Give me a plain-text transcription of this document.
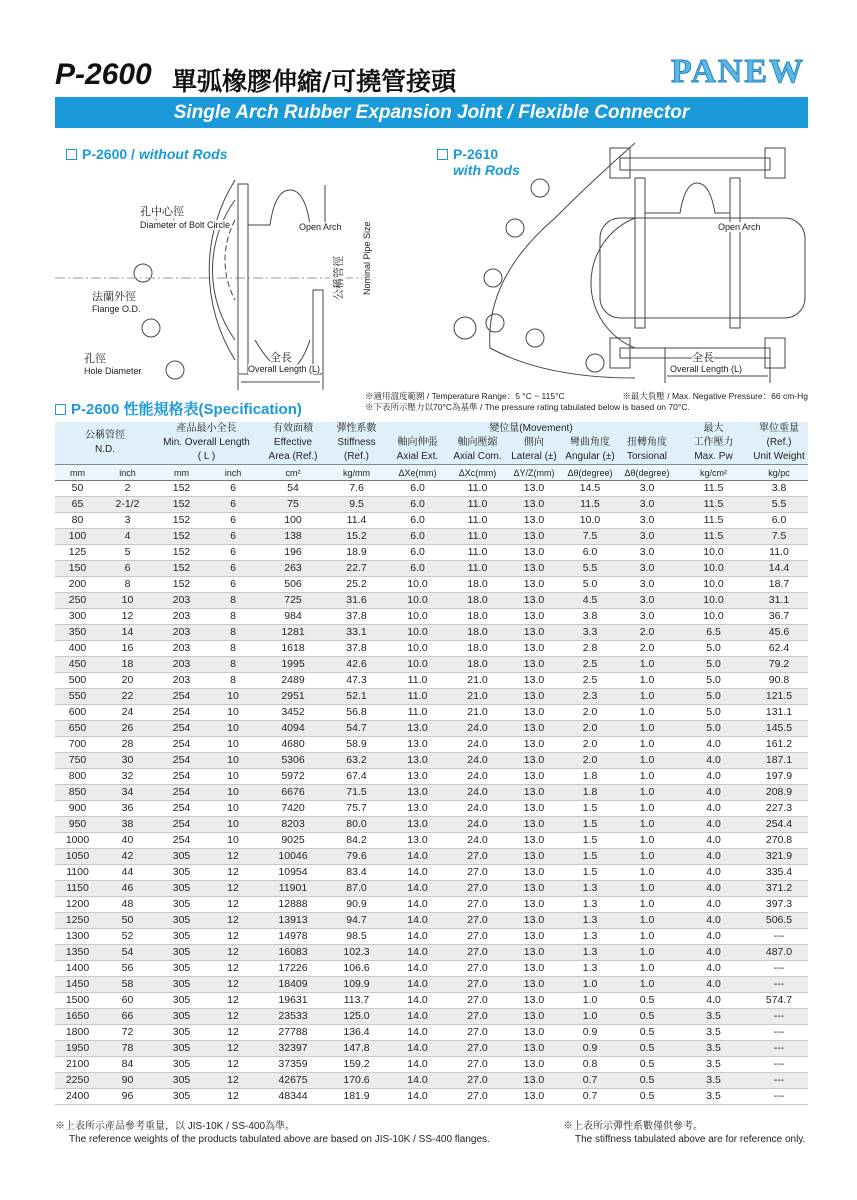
P-2600 單弧橡膠伸縮/可撓管接頭	PANEW
Single Arch Rubber Expansion Joint / Flexible Connector
P-2600 / without Rods
Open Arch
公稱管徑 Nominal Pipe Size
孔中心徑
Diameter of Bolt Circle
法蘭外徑
Flange O.D.
孔徑
Hole Diameter
全長
Overall Length (L)
P-2610
with Rods
Open Arch
全長
Overall Length (L)
P-2600 性能規格表(Specification)
※適用溫度範圍 / Temperature Range：5 °C ~ 115°C	※最大負壓 / Max. Negative Pressure：66 cm-Hg
※下表所示壓力以70°C為基準 / The pressure rating tabulated below is based on 70°C.
公稱管徑
N.D.		產品最小全長
Min. Overall Length
( L )		有效面積
Effective
Area (Ref.)	彈性系數
Stiffness
(Ref.)	變位量(Movement)					最大
工作壓力
Max. Pw	單位重量
(Ref.)
Unit Weight
						軸向伸張	軸向壓縮	側向	彎曲角度	扭轉角度		
						Axial Ext.	Axial Com.	Lateral (±)	Angular (±)	Torsional		
mm	inch	mm	inch	cm²	kg/mm	ΔXe(mm)	ΔXc(mm)	ΔY/Z(mm)	Δθ(degree)	Δθ(degree)	kg/cm²	kg/pc
50	2	152	6	54	7.6	6.0	11.0	13.0	14.5	3.0	11.5	3.8
65	2-1/2	152	6	75	9.5	6.0	11.0	13.0	11.5	3.0	11.5	5.5
80	3	152	6	100	11.4	6.0	11.0	13.0	10.0	3.0	11.5	6.0
100	4	152	6	138	15.2	6.0	11.0	13.0	7.5	3.0	11.5	7.5
125	5	152	6	196	18.9	6.0	11.0	13.0	6.0	3.0	10.0	11.0
150	6	152	6	263	22.7	6.0	11.0	13.0	5.5	3.0	10.0	14.4
200	8	152	6	506	25.2	10.0	18.0	13.0	5.0	3.0	10.0	18.7
250	10	203	8	725	31.6	10.0	18.0	13.0	4.5	3.0	10.0	31.1
300	12	203	8	984	37.8	10.0	18.0	13.0	3.8	3.0	10.0	36.7
350	14	203	8	1281	33.1	10.0	18.0	13.0	3.3	2.0	6.5	45.6
400	16	203	8	1618	37.8	10.0	18.0	13.0	2.8	2.0	5.0	62.4
450	18	203	8	1995	42.6	10.0	18.0	13.0	2.5	1.0	5.0	79.2
500	20	203	8	2489	47.3	11.0	21.0	13.0	2.5	1.0	5.0	90.8
550	22	254	10	2951	52.1	11.0	21.0	13.0	2.3	1.0	5.0	121.5
600	24	254	10	3452	56.8	11.0	21.0	13.0	2.0	1.0	5.0	131.1
650	26	254	10	4094	54.7	13.0	24.0	13.0	2.0	1.0	5.0	145.5
700	28	254	10	4680	58.9	13.0	24.0	13.0	2.0	1.0	4.0	161.2
750	30	254	10	5306	63.2	13.0	24.0	13.0	2.0	1.0	4.0	187.1
800	32	254	10	5972	67.4	13.0	24.0	13.0	1.8	1.0	4.0	197.9
850	34	254	10	6676	71.5	13.0	24.0	13.0	1.8	1.0	4.0	208.9
900	36	254	10	7420	75.7	13.0	24.0	13.0	1.5	1.0	4.0	227.3
950	38	254	10	8203	80.0	13.0	24.0	13.0	1.5	1.0	4.0	254.4
1000	40	254	10	9025	84.2	13.0	24.0	13.0	1.5	1.0	4.0	270.8
1050	42	305	12	10046	79.6	14.0	27.0	13.0	1.5	1.0	4.0	321.9
1100	44	305	12	10954	83.4	14.0	27.0	13.0	1.5	1.0	4.0	335.4
1150	46	305	12	11901	87.0	14.0	27.0	13.0	1.3	1.0	4.0	371.2
1200	48	305	12	12888	90.9	14.0	27.0	13.0	1.3	1.0	4.0	397.3
1250	50	305	12	13913	94.7	14.0	27.0	13.0	1.3	1.0	4.0	506.5
1300	52	305	12	14978	98.5	14.0	27.0	13.0	1.3	1.0	4.0	---
1350	54	305	12	16083	102.3	14.0	27.0	13.0	1.3	1.0	4.0	487.0
1400	56	305	12	17226	106.6	14.0	27.0	13.0	1.3	1.0	4.0	---
1450	58	305	12	18409	109.9	14.0	27.0	13.0	1.0	1.0	4.0	---
1500	60	305	12	19631	113.7	14.0	27.0	13.0	1.0	0.5	4.0	574.7
1650	66	305	12	23533	125.0	14.0	27.0	13.0	1.0	0.5	3.5	---
1800	72	305	12	27788	136.4	14.0	27.0	13.0	0.9	0.5	3.5	---
1950	78	305	12	32397	147.8	14.0	27.0	13.0	0.9	0.5	3.5	---
2100	84	305	12	37359	159.2	14.0	27.0	13.0	0.8	0.5	3.5	---
2250	90	305	12	42675	170.6	14.0	27.0	13.0	0.7	0.5	3.5	---
2400	96	305	12	48344	181.9	14.0	27.0	13.0	0.7	0.5	3.5	---
※上表所示產品參考重量，以 JIS-10K / SS-400為準。
The reference weights of the products tabulated above are based on JIS-10K / SS-400 flanges.
※上表所示彈性系數僅供參考。
The stiffness tabulated above are for reference only.
